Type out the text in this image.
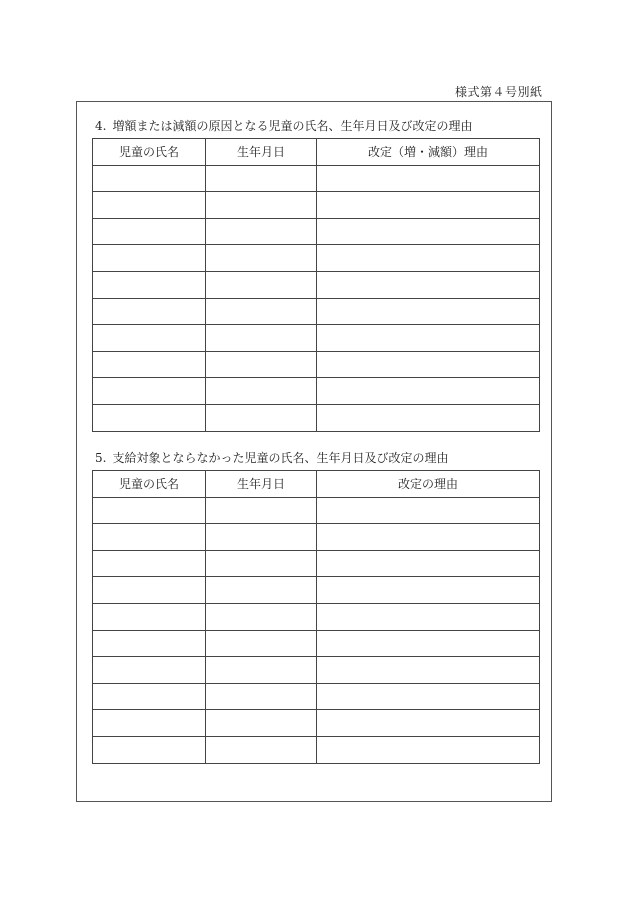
様式第４号別紙
4. 増額または減額の原因となる児童の氏名、生年月日及び改定の理由
児童の氏名	生年月日	改定（増・減額）理由

5. 支給対象とならなかった児童の氏名、生年月日及び改定の理由
児童の氏名	生年月日	改定の理由
